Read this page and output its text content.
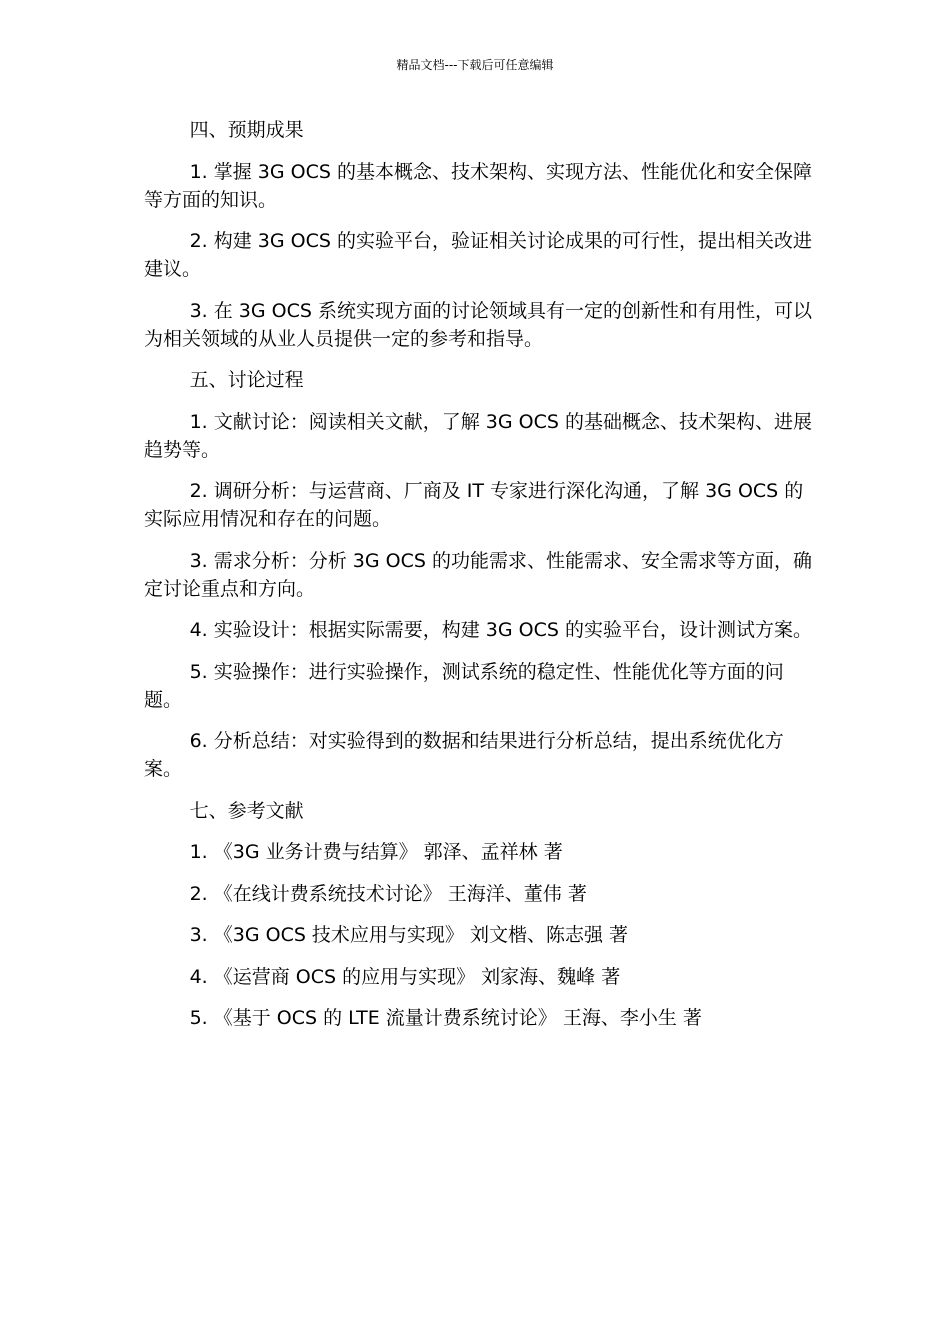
精品文档---下载后可任意编辑

四、预期成果

1. 掌握 3G OCS 的基本概念、技术架构、实现方法、性能优化和安全保障等方面的知识。

2. 构建 3G OCS 的实验平台，验证相关讨论成果的可行性，提出相关改进建议。

3. 在 3G OCS 系统实现方面的讨论领域具有一定的创新性和有用性，可以为相关领域的从业人员提供一定的参考和指导。

五、讨论过程

1. 文献讨论：阅读相关文献，了解 3G OCS 的基础概念、技术架构、进展趋势等。

2. 调研分析：与运营商、厂商及 IT 专家进行深化沟通，了解 3G OCS 的实际应用情况和存在的问题。

3. 需求分析：分析 3G OCS 的功能需求、性能需求、安全需求等方面，确定讨论重点和方向。

4. 实验设计：根据实际需要，构建 3G OCS 的实验平台，设计测试方案。

5. 实验操作：进行实验操作，测试系统的稳定性、性能优化等方面的问题。

6. 分析总结：对实验得到的数据和结果进行分析总结，提出系统优化方案。

七、参考文献

1. 《3G 业务计费与结算》 郭泽、孟祥林 著

2. 《在线计费系统技术讨论》 王海洋、董伟 著

3. 《3G OCS 技术应用与实现》 刘文楷、陈志强 著

4. 《运营商 OCS 的应用与实现》 刘家海、魏峰 著

5. 《基于 OCS 的 LTE 流量计费系统讨论》 王海、李小生 著
